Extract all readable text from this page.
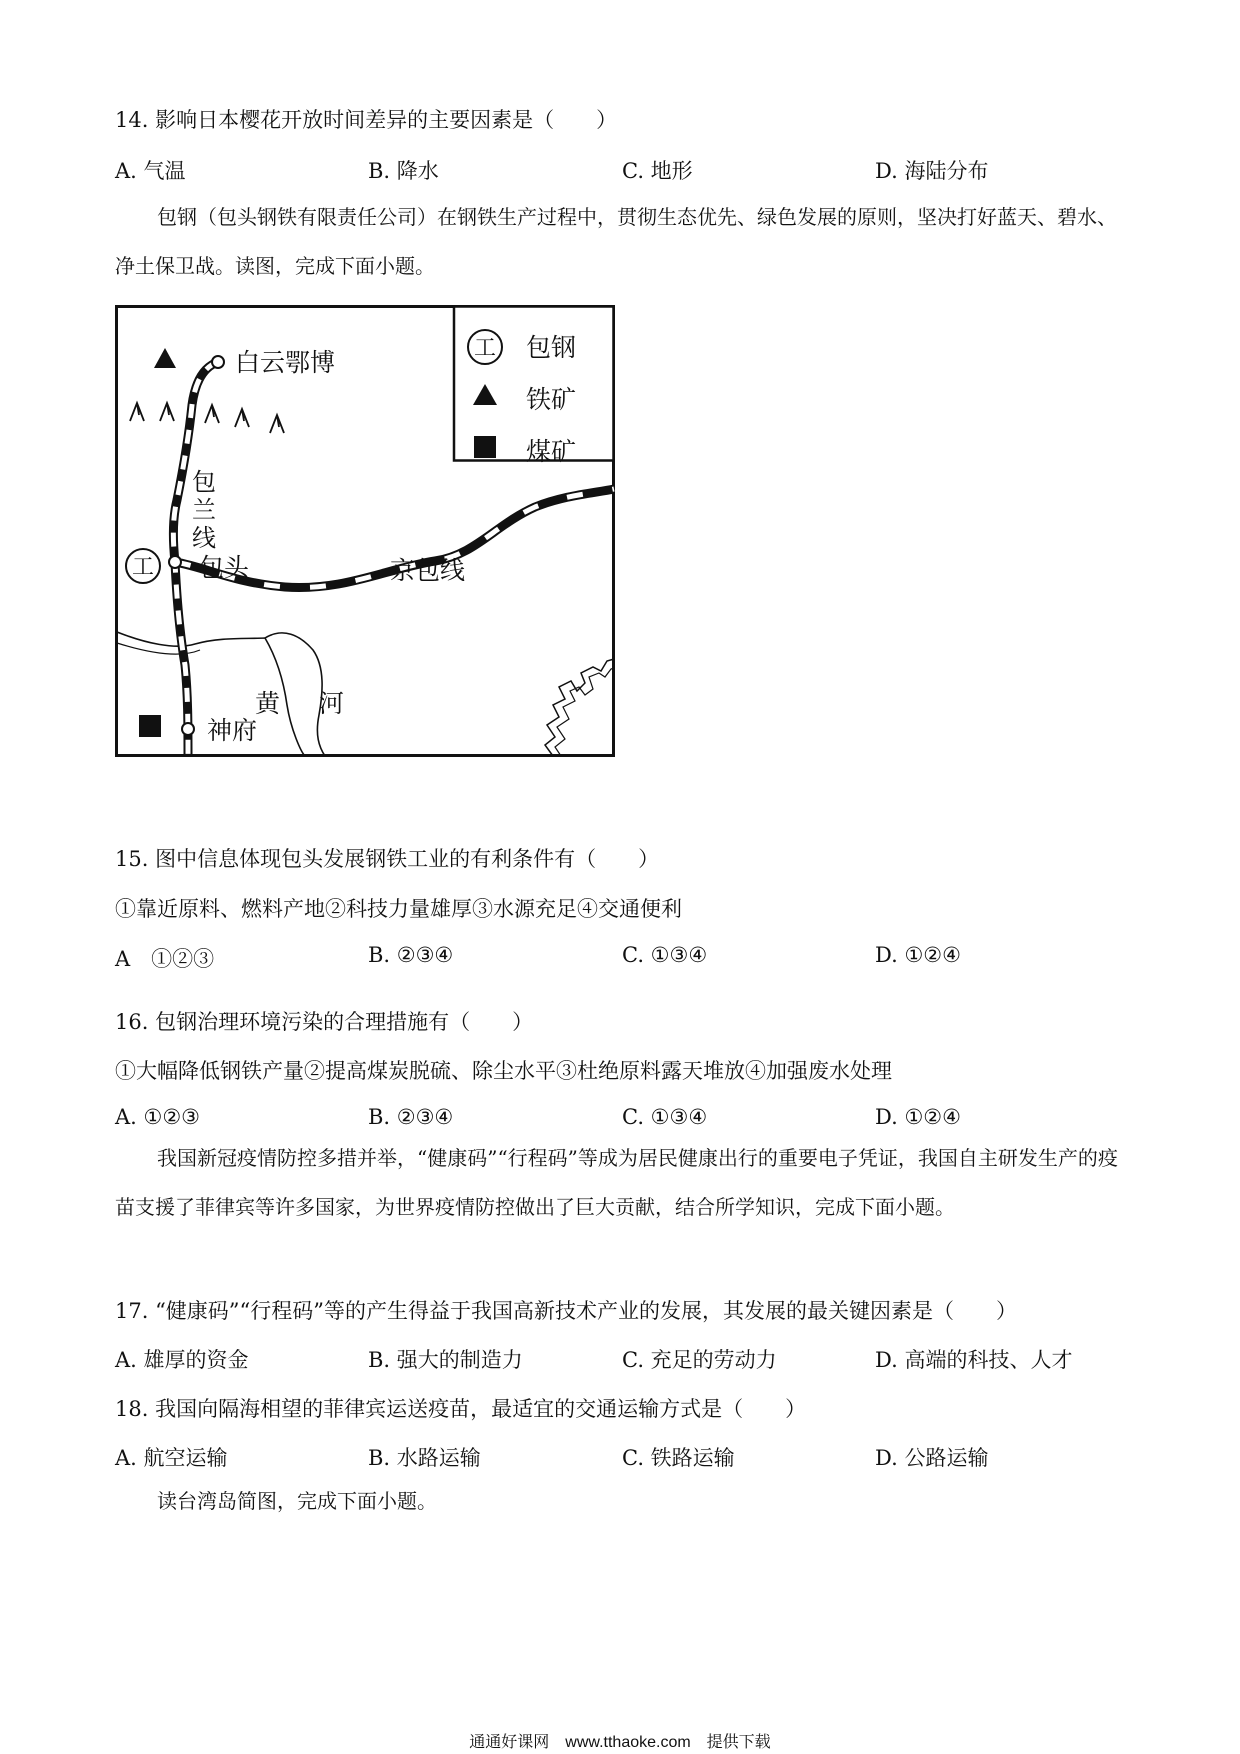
14. 影响日本樱花开放时间差异的主要因素是（　　）
A. 气温	B. 降水	C. 地形	D. 海陆分布
包钢（包头钢铁有限责任公司）在钢铁生产过程中，贯彻生态优先、绿色发展的原则，坚决打好蓝天、碧水、净土保卫战。读图，完成下面小题。
工 包钢
铁矿
煤矿
工
白云鄂博
包头
神府
包
兰
线
京包线
黄 河
15. 图中信息体现包头发展钢铁工业的有利条件有（　　）
①靠近原料、燃料产地②科技力量雄厚③水源充足④交通便利
A　①②③	B. ②③④	C. ①③④	D. ①②④
16. 包钢治理环境污染的合理措施有（　　）
①大幅降低钢铁产量②提高煤炭脱硫、除尘水平③杜绝原料露天堆放④加强废水处理
A. ①②③	B. ②③④	C. ①③④	D. ①②④
我国新冠疫情防控多措并举，“健康码”“行程码”等成为居民健康出行的重要电子凭证，我国自主研发生产的疫苗支援了菲律宾等许多国家，为世界疫情防控做出了巨大贡献，结合所学知识，完成下面小题。
17. “健康码”“行程码”等的产生得益于我国高新技术产业的发展，其发展的最关键因素是（　　）
A. 雄厚的资金	B. 强大的制造力	C. 充足的劳动力	D. 高端的科技、人才
18. 我国向隔海相望的菲律宾运送疫苗，最适宜的交通运输方式是（　　）
A. 航空运输	B. 水路运输	C. 铁路运输	D. 公路运输
读台湾岛简图，完成下面小题。
通通好课网　www.tthaoke.com　提供下载
